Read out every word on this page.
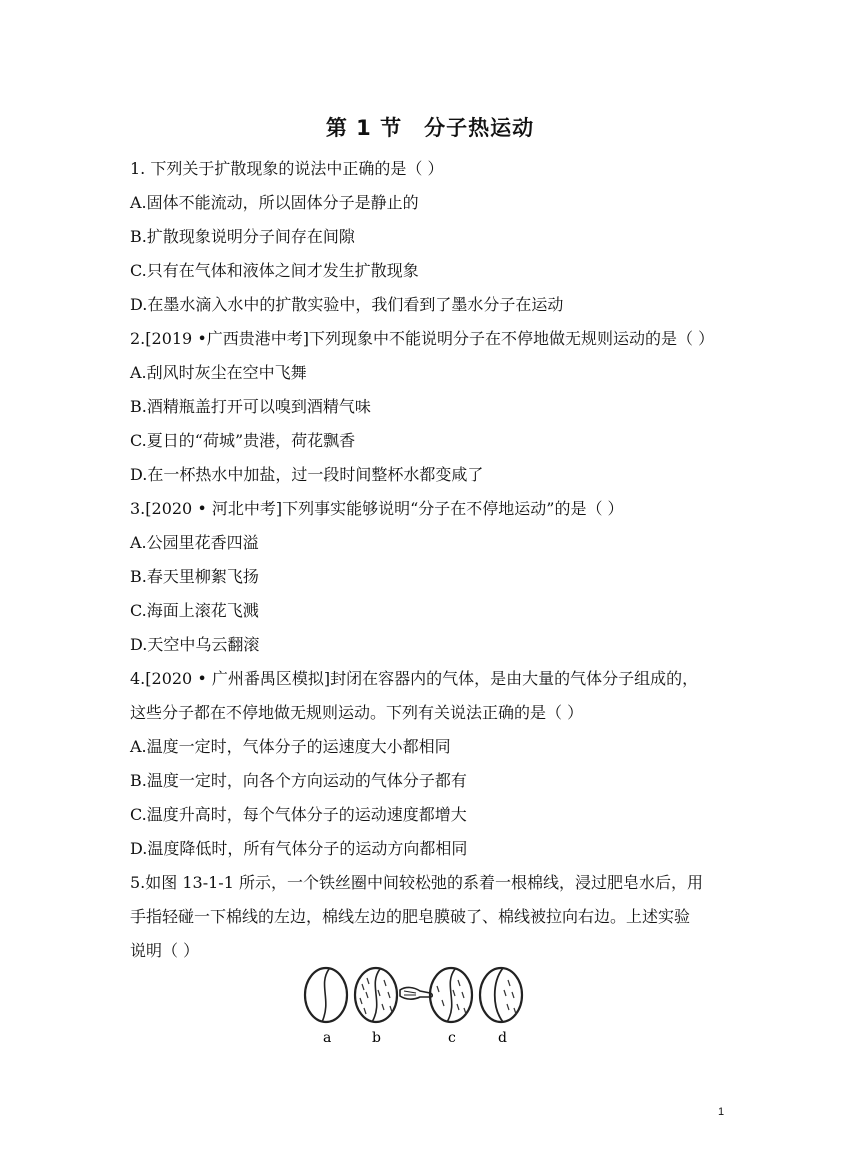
第 1 节　分子热运动
1. 下列关于扩散现象的说法中正确的是（ ）
A.固体不能流动，所以固体分子是静止的
B.扩散现象说明分子间存在间隙
C.只有在气体和液体之间才发生扩散现象
D.在墨水滴入水中的扩散实验中，我们看到了墨水分子在运动
2.[2019 •广西贵港中考]下列现象中不能说明分子在不停地做无规则运动的是（ ）
A.刮风时灰尘在空中飞舞
B.酒精瓶盖打开可以嗅到酒精气味
C.夏日的“荷城”贵港，荷花飘香
D.在一杯热水中加盐，过一段时间整杯水都变咸了
3.[2020 • 河北中考]下列事实能够说明“分子在不停地运动”的是（ ）
A.公园里花香四溢
B.春天里柳絮飞扬
C.海面上滚花飞溅
D.天空中乌云翻滚
4.[2020 • 广州番禺区模拟]封闭在容器内的气体，是由大量的气体分子组成的，
这些分子都在不停地做无规则运动。下列有关说法正确的是（ ）
A.温度一定时，气体分子的运速度大小都相同
B.温度一定时，向各个方向运动的气体分子都有
C.温度升高时，每个气体分子的运动速度都增大
D.温度降低时，所有气体分子的运动方向都相同
5.如图 13-1-1 所示，一个铁丝圈中间较松弛的系着一根棉线，浸过肥皂水后，用
手指轻碰一下棉线的左边，棉线左边的肥皂膜破了、棉线被拉向右边。上述实验
说明（ ）
a	b	c	d
1
